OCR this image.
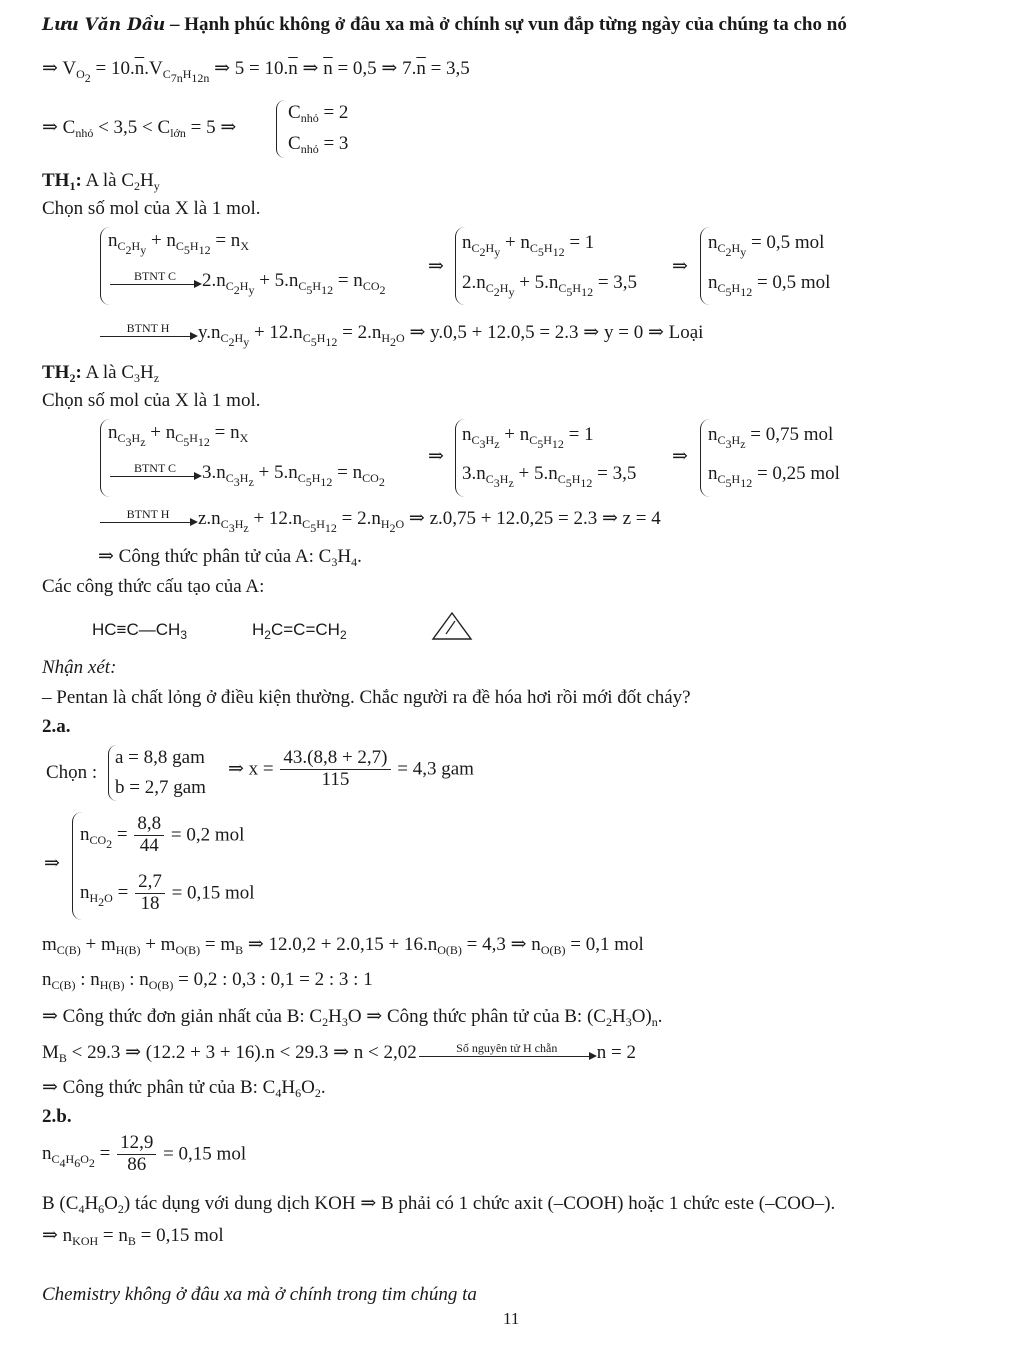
Lưu Văn Dầu – Hạnh phúc không ở đâu xa mà ở chính sự vun đắp từng ngày của chúng ta cho nó
⇒ $V_{O_2} = 10.\overline{n}.V_{C_{7n}H_{12n}}$ ⇒ $5 = 10.\overline{n}$ ⇒ $\overline{n} = 0,5$ ⇒ $7.\overline{n} = 3,5$
⇒ $C_{nhỏ} < 3,5 < C_{lớn} = 5$ ⇒
$C_{nhỏ} = 2$
$C_{nhỏ} = 3$
$TH_1$: A là $C_2H_y$
Chọn số mol của X là 1 mol.
$n_{C_2H_y} + n_{C_5H_{12}} = n_X$
BTNT C	$2.n_{C_2H_y} + 5.n_{C_5H_{12}} = n_{CO_2}$
⇒
$n_{C_2H_y} + n_{C_5H_{12}} = 1$
$2.n_{C_2H_y} + 5.n_{C_5H_{12}} = 3,5$
⇒
$n_{C_2H_y} = 0,5$ mol
$n_{C_5H_{12}} = 0,5$ mol
BTNT H	$y.n_{C_2H_y} + 12.n_{C_5H_{12}} = 2.n_{H_2O}$ ⇒ y.0,5 + 12.0,5 = 2.3 ⇒ y = 0 ⇒ Loại
$TH_2$: A là $C_3H_z$
Chọn số mol của X là 1 mol.
$n_{C_3H_z} + n_{C_5H_{12}} = n_X$
BTNT C	$3.n_{C_3H_z} + 5.n_{C_5H_{12}} = n_{CO_2}$
⇒
$n_{C_3H_z} + n_{C_5H_{12}} = 1$
$3.n_{C_3H_z} + 5.n_{C_5H_{12}} = 3,5$
⇒
$n_{C_3H_z} = 0,75$ mol
$n_{C_5H_{12}} = 0,25$ mol
BTNT H	$z.n_{C_3H_z} + 12.n_{C_5H_{12}} = 2.n_{H_2O}$ ⇒ z.0,75 + 12.0,25 = 2.3 ⇒ z = 4
⇒ Công thức phân tử của A: $C_3H_4$.
Các công thức cấu tạo của A:
$HC\equiv C—CH_3$	$H_2C=C=CH_2$
Nhận xét:
– Pentan là chất lỏng ở điều kiện thường. Chắc người ra đề hóa hơi rồi mới đốt cháy?
2.a.
Chọn :
a = 8,8 gam
b = 2,7 gam
⇒ $x = \frac{43.(8,8 + 2,7)}{115} = 4,3$ gam
⇒
$n_{CO_2} = \frac{8,8}{44} = 0,2$ mol
$n_{H_2O} = \frac{2,7}{18} = 0,15$ mol
$m_{C(B)} + m_{H(B)} + m_{O(B)} = m_B$ ⇒ $12.0,2 + 2.0,15 + 16.n_{O(B)} = 4,3$ ⇒ $n_{O(B)} = 0,1$ mol
$n_{C(B)}$ : $n_{H(B)}$ : $n_{O(B)} = 0,2$ : 0,3 : 0,1 = 2 : 3 : 1
⇒ Công thức đơn giản nhất của B: $C_2H_3O$ ⇒ Công thức phân tử của B: $(C_2H_3O)_n$.
$M_B < 29.3$ ⇒ (12.2 + 3 + 16).n < 29.3 ⇒ n < 2,02	Số nguyên tử H chẵn	n = 2
⇒ Công thức phân tử của B: $C_4H_6O_2$.
2.b.
$n_{C_4H_6O_2} = \frac{12,9}{86} = 0,15$ mol
B $(C_4H_6O_2)$ tác dụng với dung dịch KOH ⇒ B phải có 1 chức axit (–COOH) hoặc 1 chức este (–COO–).
⇒ $n_{KOH} = n_B = 0,15$ mol
Chemistry không ở đâu xa mà ở chính trong tim chúng ta
11
